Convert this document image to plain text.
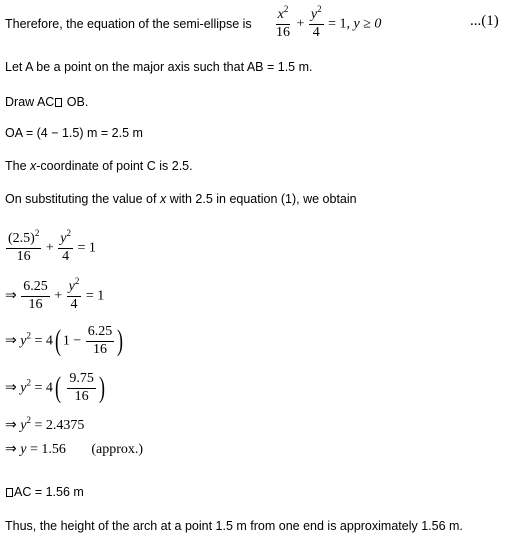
Therefore, the equation of the semi-ellipse is $\frac{x^2}{16} + \frac{y^2}{4} = 1$, y ≥ 0	...(1)
Let A be a point on the major axis such that AB = 1.5 m.
Draw AC OB.
OA = (4 − 1.5) m = 2.5 m
The x-coordinate of point C is 2.5.
On substituting the value of x with 2.5 in equation (1), we obtain
$\frac{(2.5)^2}{16} + \frac{y^2}{4} = 1$
⇒ $\frac{6.25}{16} + \frac{y^2}{4} = 1$
⇒ $y^2 = 4$( $1 - \frac{6.25}{16}$ )
⇒ $y^2 = 4( \frac{9.75}{16}$ )
⇒ $y^2 = 2.4375$
⇒ y = 1.56 (approx.)
AC = 1.56 m
Thus, the height of the arch at a point 1.5 m from one end is approximately 1.56 m.
